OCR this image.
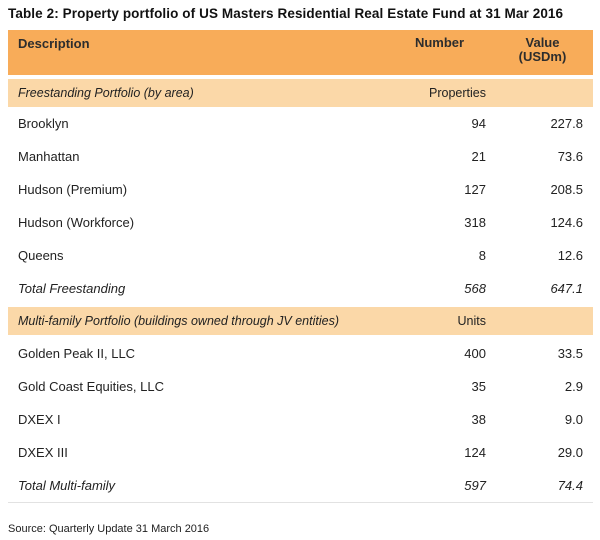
Table 2: Property portfolio of US Masters Residential Real Estate Fund at 31 Mar 2016
Description	Number	Value
(USDm)
Freestanding Portfolio (by area)	Properties
Brooklyn	94	227.8
Manhattan	21	73.6
Hudson (Premium)	127	208.5
Hudson (Workforce)	318	124.6
Queens	8	12.6
Total Freestanding	568	647.1
Multi-family Portfolio (buildings owned through JV entities)	Units
Golden Peak II, LLC	400	33.5
Gold Coast Equities, LLC	35	2.9
DXEX I	38	9.0
DXEX III	124	29.0
Total Multi-family	597	74.4
Source: Quarterly Update 31 March 2016
